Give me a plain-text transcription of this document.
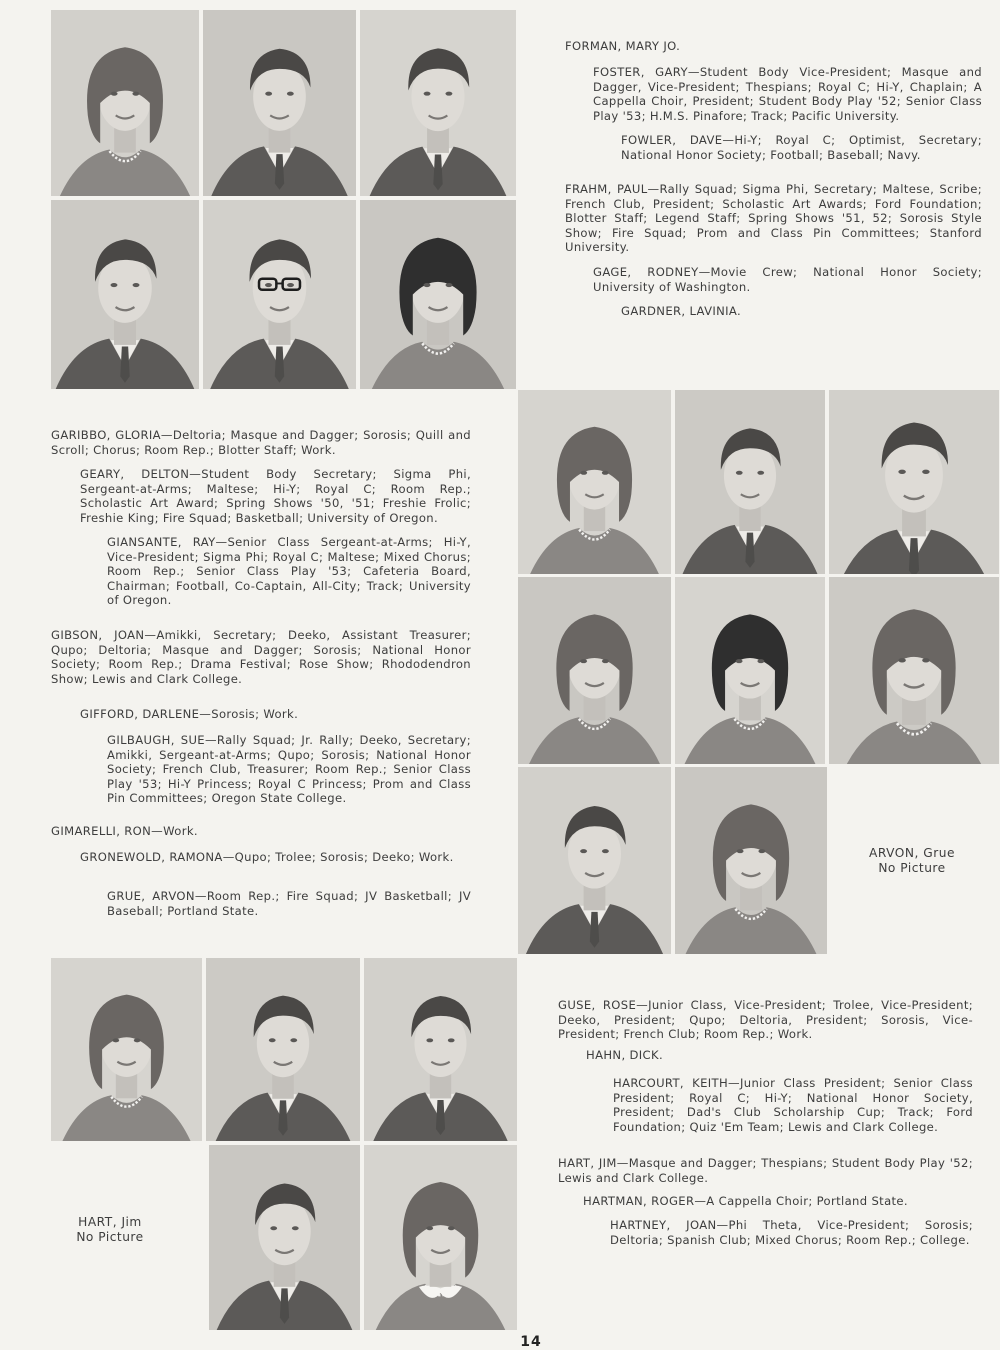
FORMAN, MARY JO.

FOSTER, GARY—Student Body Vice-President; Masque and Dagger, Vice-President; Thespians; Royal C; Hi-Y, Chaplain; A Cappella Choir, President; Student Body Play '52; Senior Class Play '53; H.M.S. Pinafore; Track; Pacific University.

FOWLER, DAVE—Hi-Y; Royal C; Optimist, Secretary; National Honor Society; Football; Baseball; Navy.

FRAHM, PAUL—Rally Squad; Sigma Phi, Secretary; Maltese, Scribe; French Club, President; Scholastic Art Awards; Ford Foundation; Blotter Staff; Legend Staff; Spring Shows '51, 52; Sorosis Style Show; Fire Squad; Prom and Class Pin Committees; Stanford University.

GAGE, RODNEY—Movie Crew; National Honor Society; University of Washington.

GARDNER, LAVINIA.

GARIBBO, GLORIA—Deltoria; Masque and Dagger; Sorosis; Quill and Scroll; Chorus; Room Rep.; Blotter Staff; Work.

GEARY, DELTON—Student Body Secretary; Sigma Phi, Sergeant-at-Arms; Maltese; Hi-Y; Royal C; Room Rep.; Scholastic Art Award; Spring Shows '50, '51; Freshie Frolic; Freshie King; Fire Squad; Basketball; University of Oregon.

GIANSANTE, RAY—Senior Class Sergeant-at-Arms; Hi-Y, Vice-President; Sigma Phi; Royal C; Maltese; Mixed Chorus; Room Rep.; Senior Class Play '53; Cafeteria Board, Chairman; Football, Co-Captain, All-City; Track; University of Oregon.

GIBSON, JOAN—Amikki, Secretary; Deeko, Assistant Treasurer; Qupo; Deltoria; Masque and Dagger; Sorosis; National Honor Society; Room Rep.; Drama Festival; Rose Show; Rhododendron Show; Lewis and Clark College.

GIFFORD, DARLENE—Sorosis; Work.

GILBAUGH, SUE—Rally Squad; Jr. Rally; Deeko, Secretary; Amikki, Sergeant-at-Arms; Qupo; Sorosis; National Honor Society; French Club, Treasurer; Room Rep.; Senior Class Play '53; Hi-Y Princess; Royal C Princess; Prom and Class Pin Committees; Oregon State College.

GIMARELLI, RON—Work.

GRONEWOLD, RAMONA—Qupo; Trolee; Sorosis; Deeko; Work.

GRUE, ARVON—Room Rep.; Fire Squad; JV Basketball; JV Baseball; Portland State.

ARVON, Grue
No Picture
HART, Jim
No Picture

GUSE, ROSE—Junior Class, Vice-President; Trolee, Vice-President; Deeko, President; Qupo; Deltoria, President; Sorosis, Vice-President; French Club; Room Rep.; Work.

HAHN, DICK.

HARCOURT, KEITH—Junior Class President; Senior Class President; Royal C; Hi-Y; National Honor Society, President; Dad's Club Scholarship Cup; Track; Ford Foundation; Quiz 'Em Team; Lewis and Clark College.

HART, JIM—Masque and Dagger; Thespians; Student Body Play '52; Lewis and Clark College.

HARTMAN, ROGER—A Cappella Choir; Portland State.

HARTNEY, JOAN—Phi Theta, Vice-President; Sorosis; Deltoria; Spanish Club; Mixed Chorus; Room Rep.; College.

14
